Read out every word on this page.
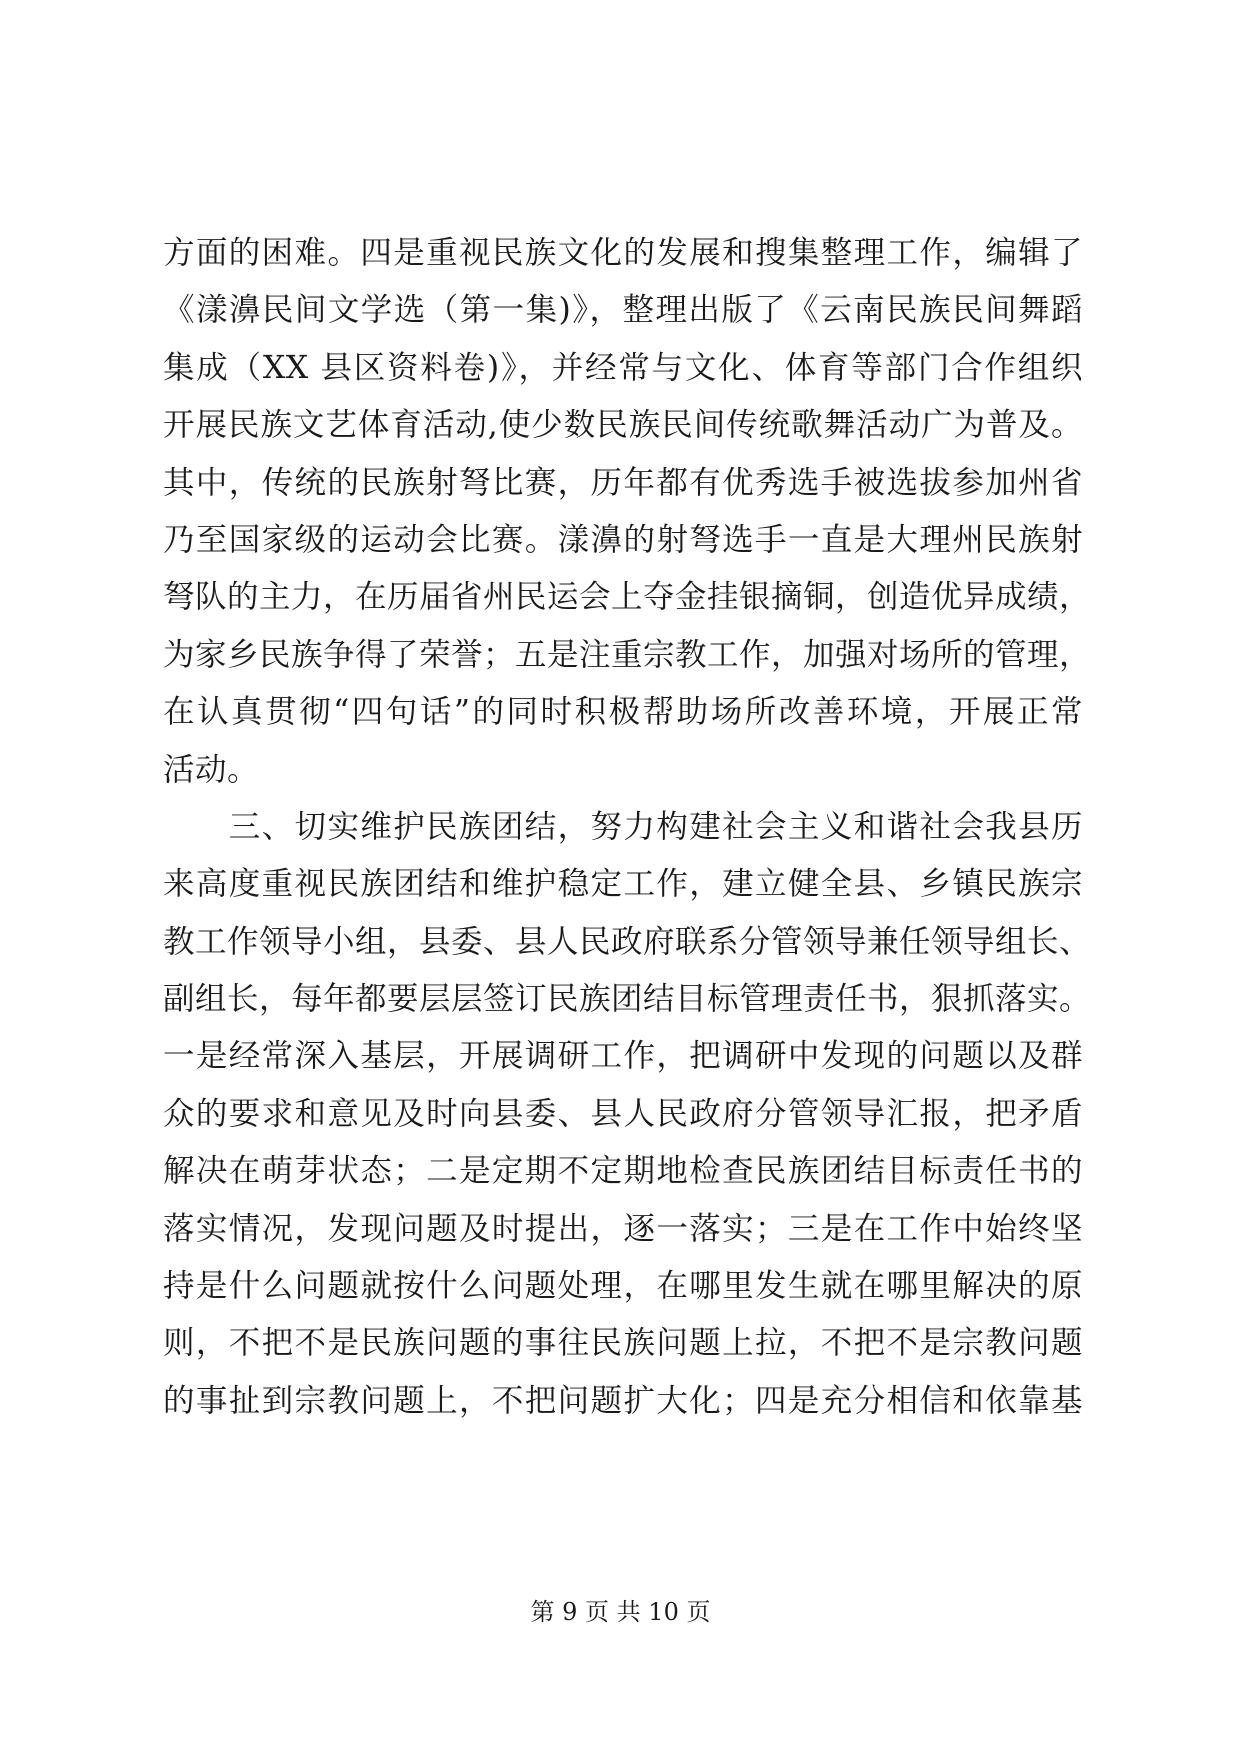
方面的困难。四是重视民族文化的发展和搜集整理工作，编辑了
《漾濞民间文学选（第一集)》，整理出版了《云南民族民间舞蹈
集成（XX 县区资料卷)》，并经常与文化、体育等部门合作组织
开展民族文艺体育活动,使少数民族民间传统歌舞活动广为普及。
其中，传统的民族射弩比赛，历年都有优秀选手被选拔参加州省
乃至国家级的运动会比赛。漾濞的射弩选手一直是大理州民族射
弩队的主力，在历届省州民运会上夺金挂银摘铜，创造优异成绩，
为家乡民族争得了荣誉；五是注重宗教工作，加强对场所的管理，
在认真贯彻“四句话”的同时积极帮助场所改善环境，开展正常
活动。
　　三、切实维护民族团结，努力构建社会主义和谐社会我县历
来高度重视民族团结和维护稳定工作，建立健全县、乡镇民族宗
教工作领导小组，县委、县人民政府联系分管领导兼任领导组长、
副组长，每年都要层层签订民族团结目标管理责任书，狠抓落实。
一是经常深入基层，开展调研工作，把调研中发现的问题以及群
众的要求和意见及时向县委、县人民政府分管领导汇报，把矛盾
解决在萌芽状态；二是定期不定期地检查民族团结目标责任书的
落实情况，发现问题及时提出，逐一落实；三是在工作中始终坚
持是什么问题就按什么问题处理，在哪里发生就在哪里解决的原
则，不把不是民族问题的事往民族问题上拉，不把不是宗教问题
的事扯到宗教问题上，不把问题扩大化；四是充分相信和依靠基
第 9 页 共 10 页
